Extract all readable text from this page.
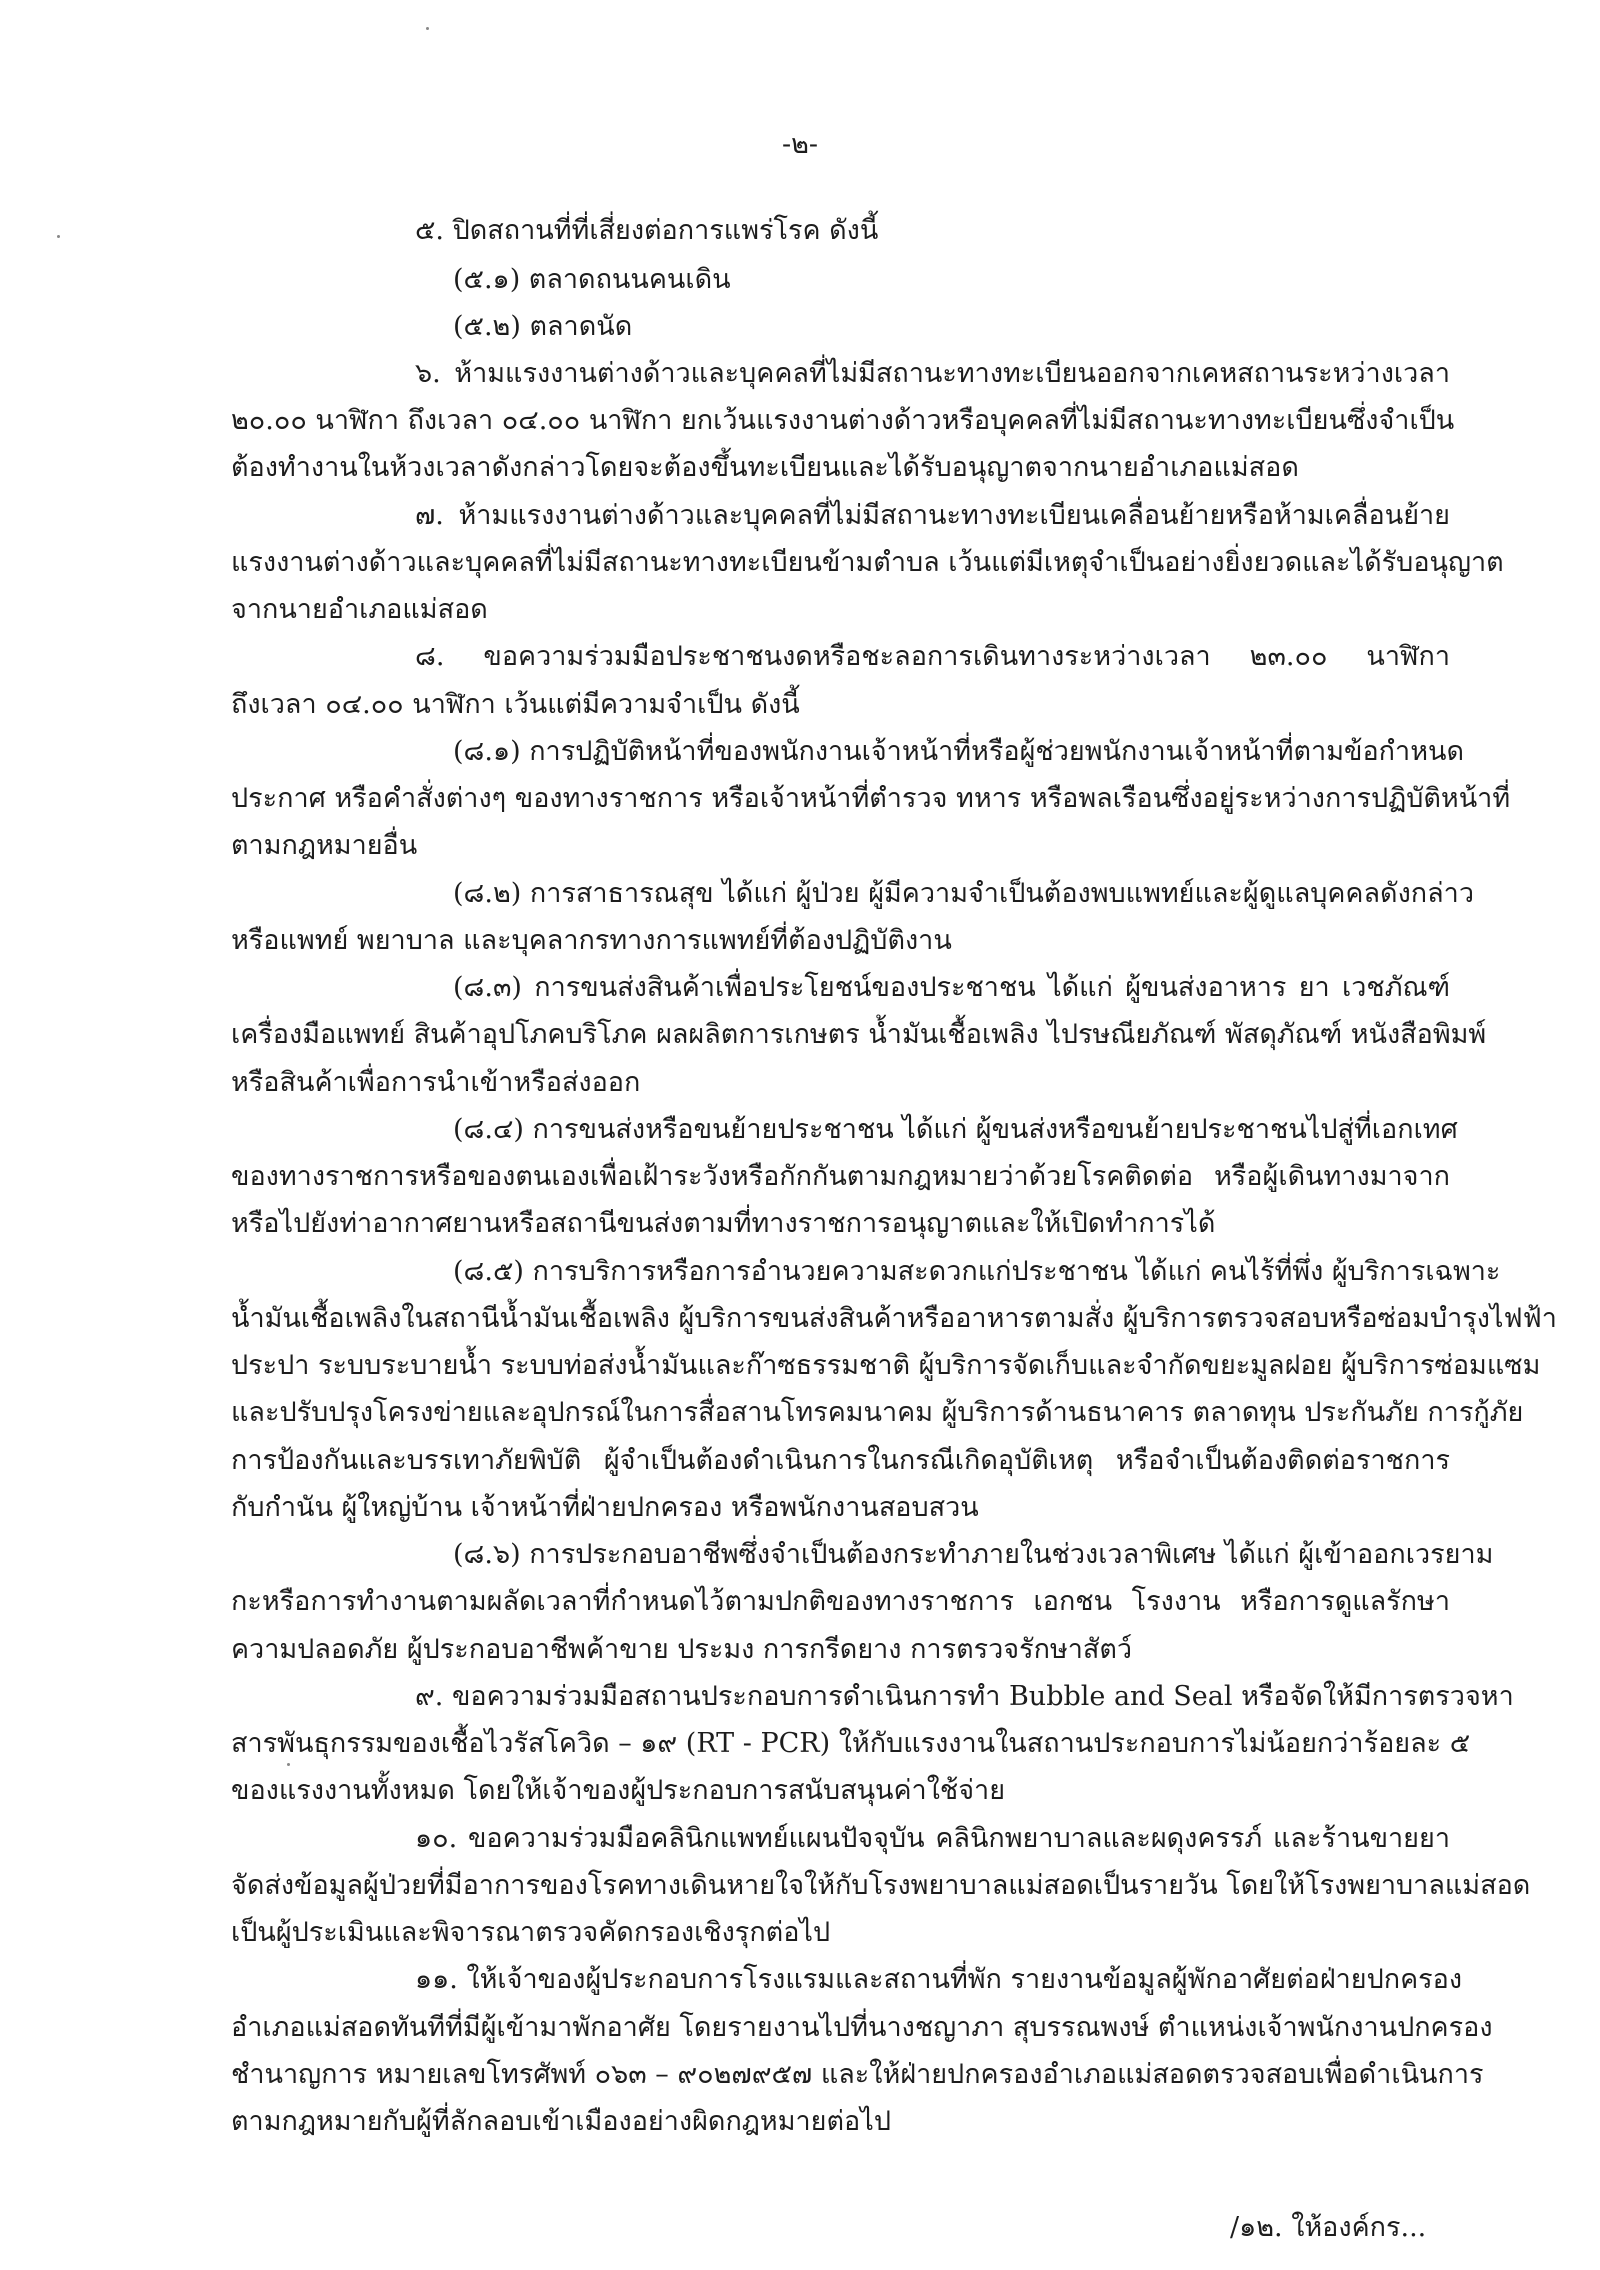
-๒-
๕. ปิดสถานที่ที่เสี่ยงต่อการแพร่โรค ดังนี้
(๕.๑) ตลาดถนนคนเดิน
(๕.๒) ตลาดนัด
๖. ห้ามแรงงานต่างด้าวและบุคคลที่ไม่มีสถานะทางทะเบียนออกจากเคหสถานระหว่างเวลา
๒๐.๐๐ นาฬิกา ถึงเวลา ๐๔.๐๐ นาฬิกา ยกเว้นแรงงานต่างด้าวหรือบุคคลที่ไม่มีสถานะทางทะเบียนซึ่งจำเป็น
ต้องทำงานในห้วงเวลาดังกล่าวโดยจะต้องขึ้นทะเบียนและได้รับอนุญาตจากนายอำเภอแม่สอด
๗. ห้ามแรงงานต่างด้าวและบุคคลที่ไม่มีสถานะทางทะเบียนเคลื่อนย้ายหรือห้ามเคลื่อนย้าย
แรงงานต่างด้าวและบุคคลที่ไม่มีสถานะทางทะเบียนข้ามตำบล เว้นแต่มีเหตุจำเป็นอย่างยิ่งยวดและได้รับอนุญาต
จากนายอำเภอแม่สอด
๘. ขอความร่วมมือประชาชนงดหรือชะลอการเดินทางระหว่างเวลา ๒๓.๐๐ นาฬิกา
ถึงเวลา ๐๔.๐๐ นาฬิกา เว้นแต่มีความจำเป็น ดังนี้
(๘.๑) การปฏิบัติหน้าที่ของพนักงานเจ้าหน้าที่หรือผู้ช่วยพนักงานเจ้าหน้าที่ตามข้อกำหนด
ประกาศ หรือคำสั่งต่างๆ ของทางราชการ หรือเจ้าหน้าที่ตำรวจ ทหาร หรือพลเรือนซึ่งอยู่ระหว่างการปฏิบัติหน้าที่
ตามกฎหมายอื่น
(๘.๒) การสาธารณสุข ได้แก่ ผู้ป่วย ผู้มีความจำเป็นต้องพบแพทย์และผู้ดูแลบุคคลดังกล่าว
หรือแพทย์ พยาบาล และบุคลากรทางการแพทย์ที่ต้องปฏิบัติงาน
(๘.๓) การขนส่งสินค้าเพื่อประโยชน์ของประชาชน ได้แก่ ผู้ขนส่งอาหาร ยา เวชภัณฑ์
เครื่องมือแพทย์ สินค้าอุปโภคบริโภค ผลผลิตการเกษตร น้ำมันเชื้อเพลิง ไปรษณียภัณฑ์ พัสดุภัณฑ์ หนังสือพิมพ์
หรือสินค้าเพื่อการนำเข้าหรือส่งออก
(๘.๔) การขนส่งหรือขนย้ายประชาชน ได้แก่ ผู้ขนส่งหรือขนย้ายประชาชนไปสู่ที่เอกเทศ
ของทางราชการหรือของตนเองเพื่อเฝ้าระวังหรือกักกันตามกฎหมายว่าด้วยโรคติดต่อ หรือผู้เดินทางมาจาก
หรือไปยังท่าอากาศยานหรือสถานีขนส่งตามที่ทางราชการอนุญาตและให้เปิดทำการได้
(๘.๕) การบริการหรือการอำนวยความสะดวกแก่ประชาชน ได้แก่ คนไร้ที่พึ่ง ผู้บริการเฉพาะ
น้ำมันเชื้อเพลิงในสถานีน้ำมันเชื้อเพลิง ผู้บริการขนส่งสินค้าหรืออาหารตามสั่ง ผู้บริการตรวจสอบหรือซ่อมบำรุงไฟฟ้า
ประปา ระบบระบายน้ำ ระบบท่อส่งน้ำมันและก๊าซธรรมชาติ ผู้บริการจัดเก็บและจำกัดขยะมูลฝอย ผู้บริการซ่อมแซม
และปรับปรุงโครงข่ายและอุปกรณ์ในการสื่อสานโทรคมนาคม ผู้บริการด้านธนาคาร ตลาดทุน ประกันภัย การกู้ภัย
การป้องกันและบรรเทาภัยพิบัติ ผู้จำเป็นต้องดำเนินการในกรณีเกิดอุบัติเหตุ หรือจำเป็นต้องติดต่อราชการ
กับกำนัน ผู้ใหญ่บ้าน เจ้าหน้าที่ฝ่ายปกครอง หรือพนักงานสอบสวน
(๘.๖) การประกอบอาชีพซึ่งจำเป็นต้องกระทำภายในช่วงเวลาพิเศษ ได้แก่ ผู้เข้าออกเวรยาม
กะหรือการทำงานตามผลัดเวลาที่กำหนดไว้ตามปกติของทางราชการ เอกชน โรงงาน หรือการดูแลรักษา
ความปลอดภัย ผู้ประกอบอาชีพค้าขาย ประมง การกรีดยาง การตรวจรักษาสัตว์
๙. ขอความร่วมมือสถานประกอบการดำเนินการทำ Bubble and Seal หรือจัดให้มีการตรวจหา
สารพันธุกรรมของเชื้อไวรัสโควิด – ๑๙ (RT - PCR) ให้กับแรงงานในสถานประกอบการไม่น้อยกว่าร้อยละ ๕
ของแรงงานทั้งหมด โดยให้เจ้าของผู้ประกอบการสนับสนุนค่าใช้จ่าย
๑๐. ขอความร่วมมือคลินิกแพทย์แผนปัจจุบัน คลินิกพยาบาลและผดุงครรภ์ และร้านขายยา
จัดส่งข้อมูลผู้ป่วยที่มีอาการของโรคทางเดินหายใจให้กับโรงพยาบาลแม่สอดเป็นรายวัน โดยให้โรงพยาบาลแม่สอด
เป็นผู้ประเมินและพิจารณาตรวจคัดกรองเชิงรุกต่อไป
๑๑. ให้เจ้าของผู้ประกอบการโรงแรมและสถานที่พัก รายงานข้อมูลผู้พักอาศัยต่อฝ่ายปกครอง
อำเภอแม่สอดทันทีที่มีผู้เข้ามาพักอาศัย โดยรายงานไปที่นางชญาภา สุบรรณพงษ์ ตำแหน่งเจ้าพนักงานปกครอง
ชำนาญการ หมายเลขโทรศัพท์ ๐๖๓ – ๙๐๒๗๙๕๗ และให้ฝ่ายปกครองอำเภอแม่สอดตรวจสอบเพื่อดำเนินการ
ตามกฎหมายกับผู้ที่ลักลอบเข้าเมืองอย่างผิดกฎหมายต่อไป
/๑๒. ให้องค์กร...
